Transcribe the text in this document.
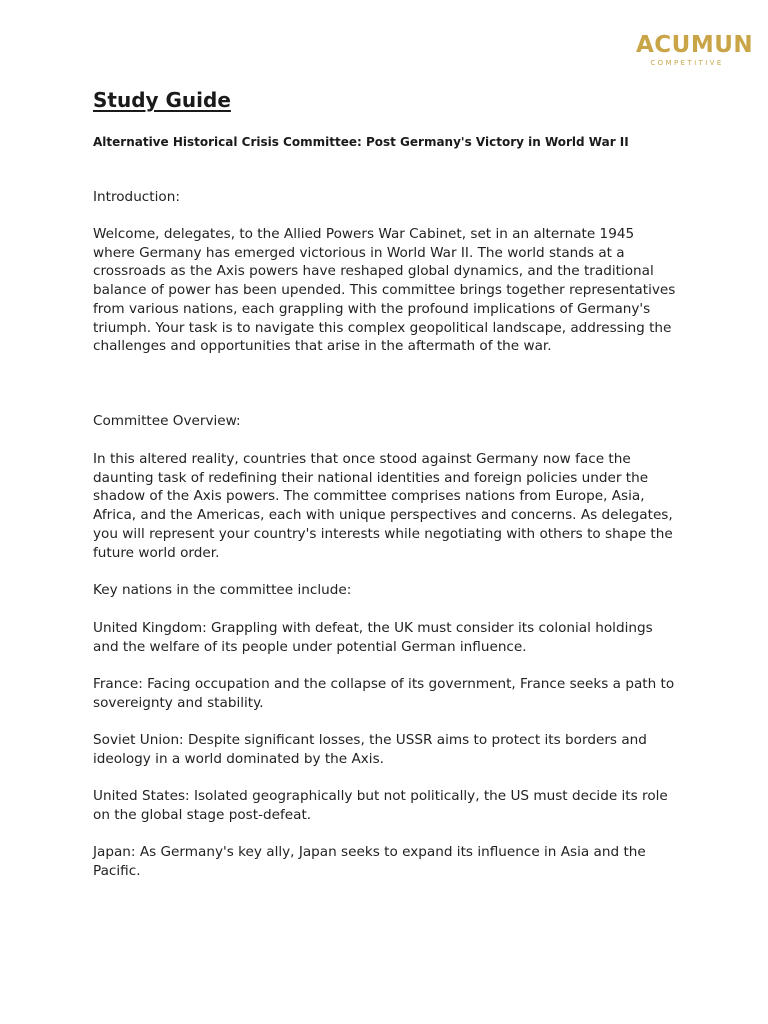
ACUMUN
COMPETITIVE
Study Guide

Alternative Historical Crisis Committee: Post Germany's Victory in World War II

Introduction:

Welcome, delegates, to the Allied Powers War Cabinet, set in an alternate 1945 where Germany has emerged victorious in World War II. The world stands at a crossroads as the Axis powers have reshaped global dynamics, and the traditional balance of power has been upended. This committee brings together representatives from various nations, each grappling with the profound implications of Germany's triumph. Your task is to navigate this complex geopolitical landscape, addressing the challenges and opportunities that arise in the aftermath of the war.

Committee Overview:

In this altered reality, countries that once stood against Germany now face the daunting task of redefining their national identities and foreign policies under the shadow of the Axis powers. The committee comprises nations from Europe, Asia, Africa, and the Americas, each with unique perspectives and concerns. As delegates, you will represent your country's interests while negotiating with others to shape the future world order.

Key nations in the committee include:

United Kingdom: Grappling with defeat, the UK must consider its colonial holdings and the welfare of its people under potential German influence.

France: Facing occupation and the collapse of its government, France seeks a path to sovereignty and stability.

Soviet Union: Despite significant losses, the USSR aims to protect its borders and ideology in a world dominated by the Axis.

United States: Isolated geographically but not politically, the US must decide its role on the global stage post-defeat.

Japan: As Germany's key ally, Japan seeks to expand its influence in Asia and the Pacific.
